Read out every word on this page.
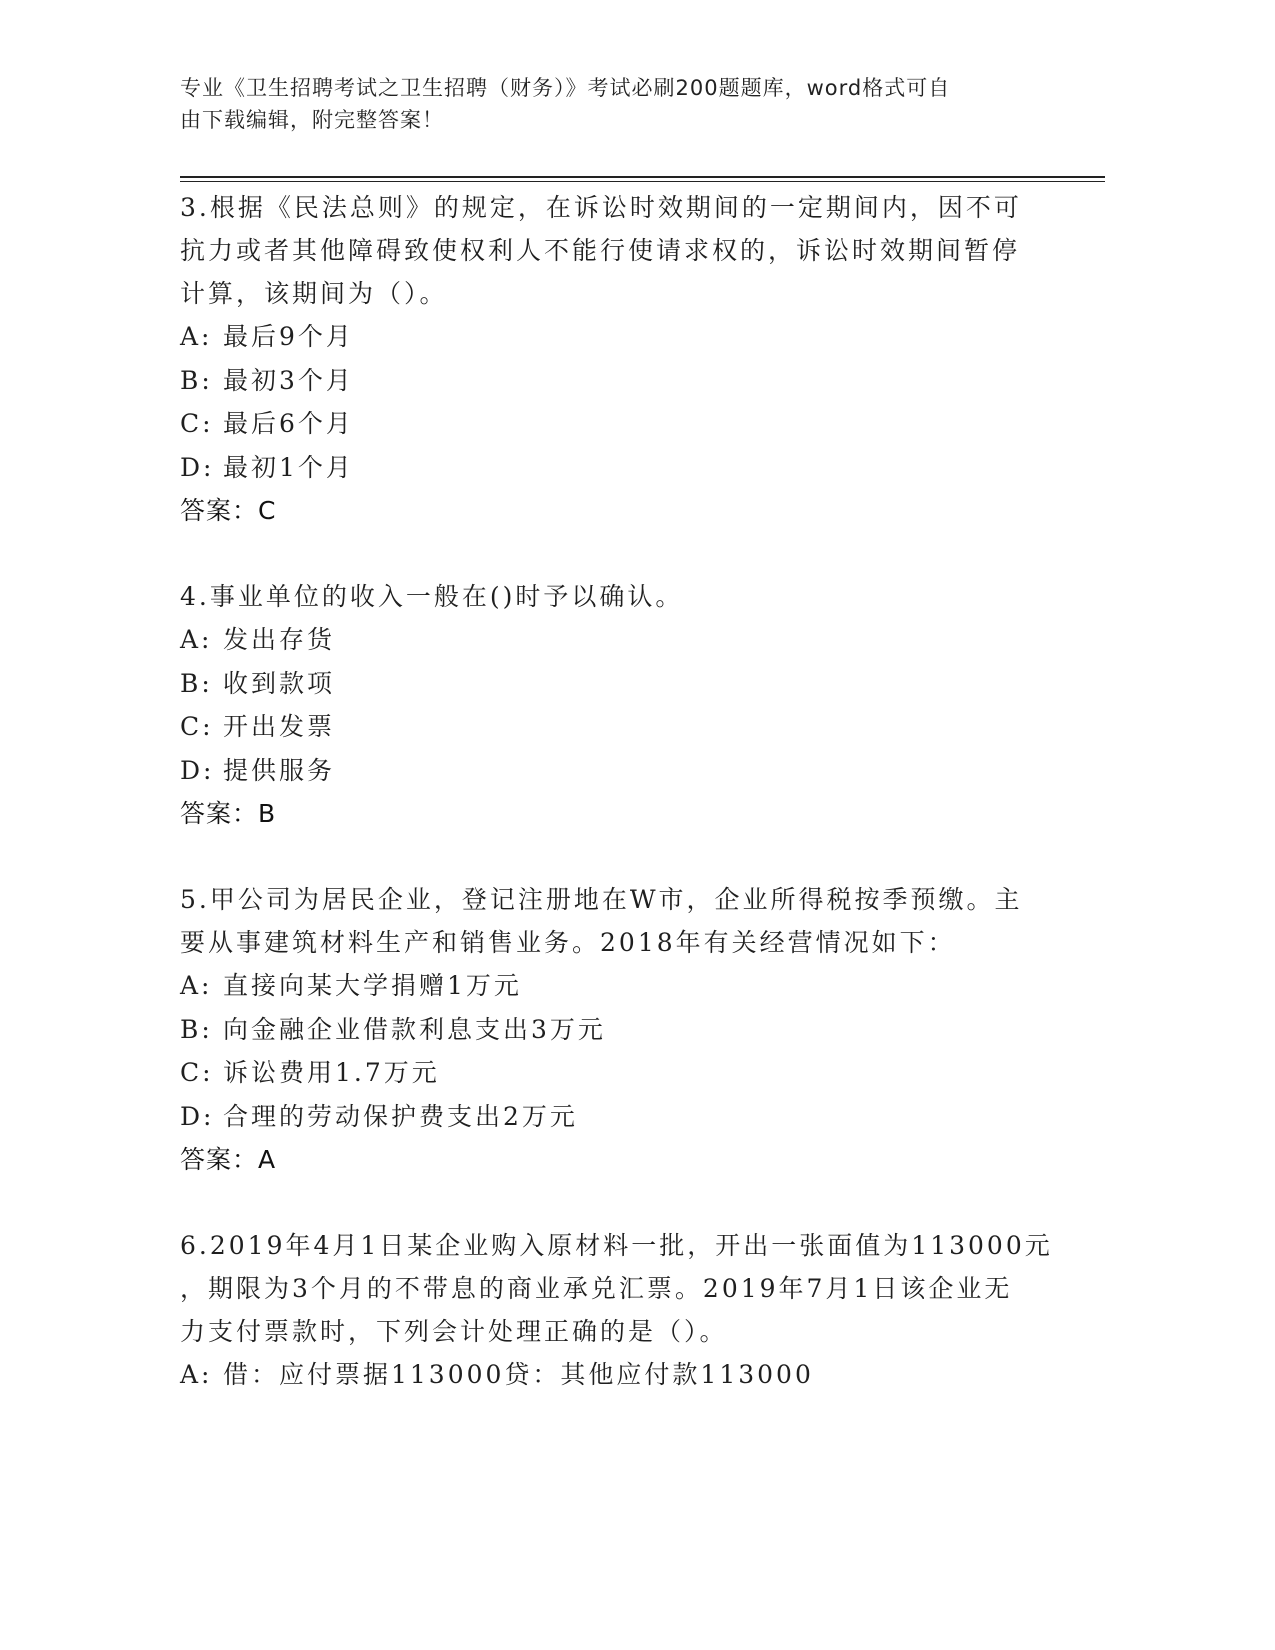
专业《卫生招聘考试之卫生招聘（财务）》考试必刷200题题库，word格式可自
由下载编辑，附完整答案！
3.根据《民法总则》的规定，在诉讼时效期间的一定期间内，因不可
抗力或者其他障碍致使权利人不能行使请求权的，诉讼时效期间暂停
计算，该期间为（）。
A: 最后9个月
B: 最初3个月
C: 最后6个月
D: 最初1个月
答案：C
4.事业单位的收入一般在()时予以确认。
A: 发出存货
B: 收到款项
C: 开出发票
D: 提供服务
答案：B
5.甲公司为居民企业，登记注册地在W市，企业所得税按季预缴。主
要从事建筑材料生产和销售业务。2018年有关经营情况如下：
A: 直接向某大学捐赠1万元
B: 向金融企业借款利息支出3万元
C: 诉讼费用1.7万元
D: 合理的劳动保护费支出2万元
答案：A
6.2019年4月1日某企业购入原材料一批，开出一张面值为113000元
，期限为3个月的不带息的商业承兑汇票。2019年7月1日该企业无
力支付票款时，下列会计处理正确的是（）。
A: 借：应付票据113000贷：其他应付款113000
